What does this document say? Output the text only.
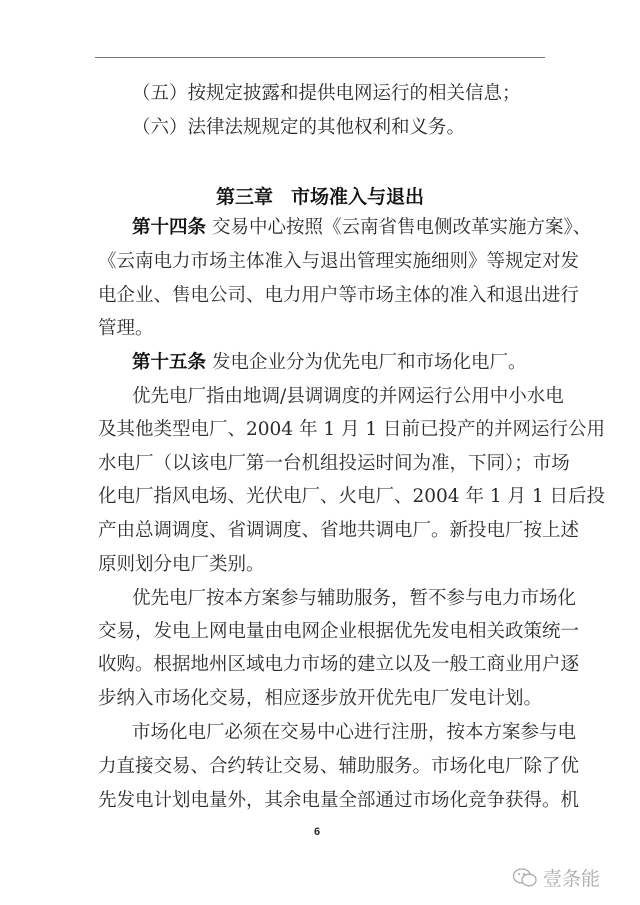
（五）按规定披露和提供电网运行的相关信息；
（六）法律法规规定的其他权利和义务。
第三章 市场准入与退出
第十四条 交易中心按照《云南省售电侧改革实施方案》、
《云南电力市场主体准入与退出管理实施细则》等规定对发
电企业、售电公司、电力用户等市场主体的准入和退出进行
管理。
第十五条 发电企业分为优先电厂和市场化电厂。
优先电厂指由地调/县调调度的并网运行公用中小水电
及其他类型电厂、2004 年 1 月 1 日前已投产的并网运行公用
水电厂（以该电厂第一台机组投运时间为准，下同）；市场
化电厂指风电场、光伏电厂、火电厂、2004 年 1 月 1 日后投
产由总调调度、省调调度、省地共调电厂。新投电厂按上述
原则划分电厂类别。
优先电厂按本方案参与辅助服务，暂不参与电力市场化
交易，发电上网电量由电网企业根据优先发电相关政策统一
收购。根据地州区域电力市场的建立以及一般工商业用户逐
步纳入市场化交易，相应逐步放开优先电厂发电计划。
市场化电厂必须在交易中心进行注册，按本方案参与电
力直接交易、合约转让交易、辅助服务。市场化电厂除了优
先发电计划电量外，其余电量全部通过市场化竞争获得。机
6
壹条能
